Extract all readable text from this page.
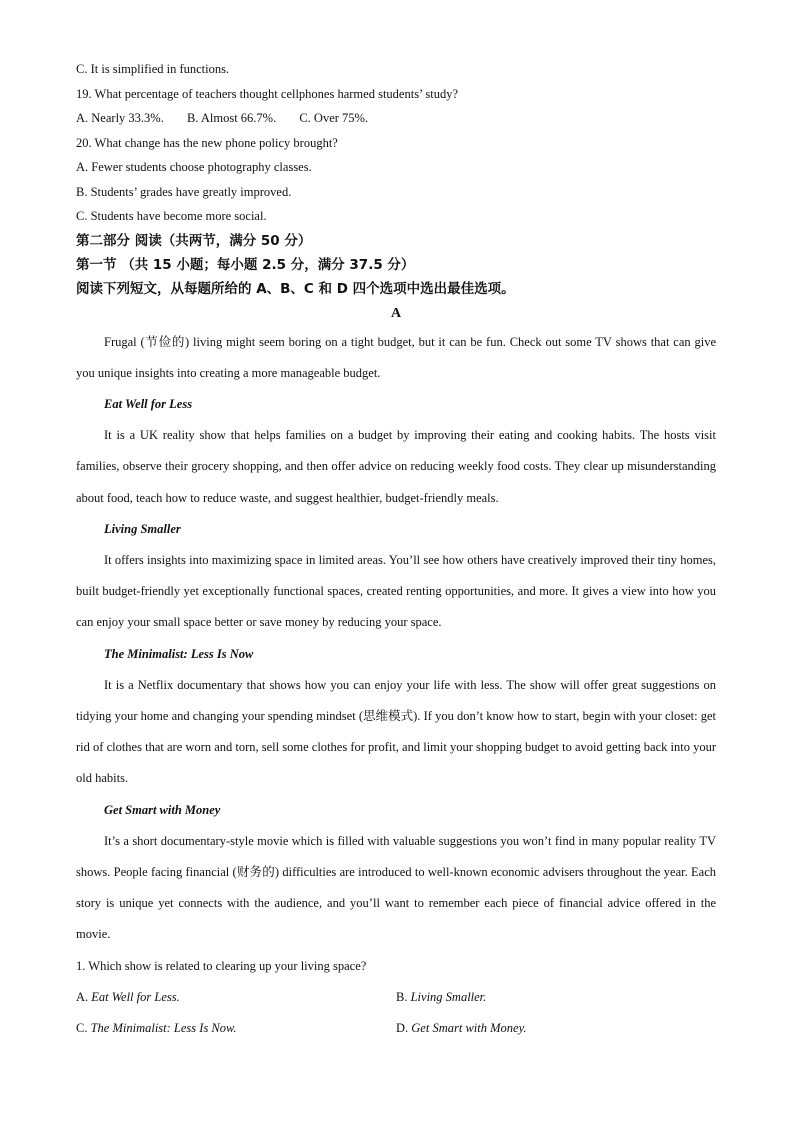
C. It is simplified in functions.
19. What percentage of teachers thought cellphones harmed students’ study?
A. Nearly 33.3%. B. Almost 66.7%. C. Over 75%.
20. What change has the new phone policy brought?
A. Fewer students choose photography classes.
B. Students’ grades have greatly improved.
C. Students have become more social.
第二部分 阅读（共两节，满分 50 分）
第一节 （共 15 小题；每小题 2.5 分，满分 37.5 分）
阅读下列短文，从每题所给的 A、B、C 和 D 四个选项中选出最佳选项。
A

Frugal (节俭的) living might seem boring on a tight budget, but it can be fun. Check out some TV shows that can give you unique insights into creating a more manageable budget.

Eat Well for Less

It is a UK reality show that helps families on a budget by improving their eating and cooking habits. The hosts visit families, observe their grocery shopping, and then offer advice on reducing weekly food costs. They clear up misunderstanding about food, teach how to reduce waste, and suggest healthier, budget-friendly meals.

Living Smaller

It offers insights into maximizing space in limited areas. You’ll see how others have creatively improved their tiny homes, built budget-friendly yet exceptionally functional spaces, created renting opportunities, and more. It gives a view into how you can enjoy your small space better or save money by reducing your space.

The Minimalist: Less Is Now

It is a Netflix documentary that shows how you can enjoy your life with less. The show will offer great suggestions on tidying your home and changing your spending mindset (思维模式). If you don’t know how to start, begin with your closet: get rid of clothes that are worn and torn, sell some clothes for profit, and limit your shopping budget to avoid getting back into your old habits.

Get Smart with Money

It’s a short documentary-style movie which is filled with valuable suggestions you won’t find in many popular reality TV shows. People facing financial (财务的) difficulties are introduced to well-known economic advisers throughout the year. Each story is unique yet connects with the audience, and you’ll want to remember each piece of financial advice offered in the movie.

1. Which show is related to clearing up your living space?
A. Eat Well for Less.	B. Living Smaller.
C. The Minimalist: Less Is Now.	D. Get Smart with Money.
